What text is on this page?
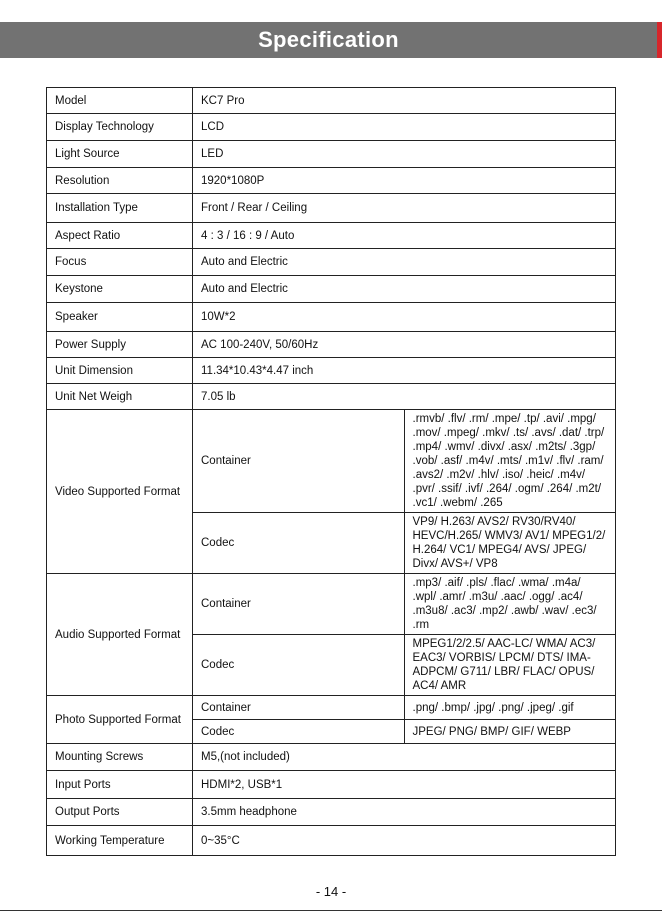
Specification
Model	KC7 Pro	
Display Technology	LCD	
Light Source	LED	
Resolution	1920*1080P	
Installation Type	Front / Rear / Ceiling	
Aspect Ratio	4 : 3 / 16 : 9 / Auto	
Focus	Auto and Electric	
Keystone	Auto and Electric	
Speaker	10W*2	
Power Supply	AC 100-240V, 50/60Hz	
Unit Dimension	11.34*10.43*4.47 inch	
Unit Net Weigh	7.05 lb	
Video Supported Format	Container	.rmvb/ .flv/ .rm/ .mpe/ .tp/ .avi/ .mpg/ .mov/ .mpeg/ .mkv/ .ts/ .avs/ .dat/ .trp/ .mp4/ .wmv/ .divx/ .asx/ .m2ts/ .3gp/ .vob/ .asf/ .m4v/ .mts/ .m1v/ .flv/ .ram/ .avs2/ .m2v/ .hlv/ .iso/ .heic/ .m4v/ .pvr/ .ssif/ .ivf/ .264/ .ogm/ .264/ .m2t/ .vc1/ .webm/ .265
	Codec	VP9/ H.263/ AVS2/ RV30/RV40/ HEVC/H.265/ WMV3/ AV1/ MPEG1/2/ H.264/ VC1/ MPEG4/ AVS/ JPEG/ Divx/ AVS+/ VP8
Audio Supported Format	Container	.mp3/ .aif/ .pls/ .flac/ .wma/ .m4a/ .wpl/ .amr/ .m3u/ .aac/ .ogg/ .ac4/ .m3u8/ .ac3/ .mp2/ .awb/ .wav/ .ec3/ .rm
	Codec	MPEG1/2/2.5/ AAC-LC/ WMA/ AC3/ EAC3/ VORBIS/ LPCM/ DTS/ IMA-ADPCM/ G711/ LBR/ FLAC/ OPUS/ AC4/ AMR
Photo Supported Format	Container	.png/ .bmp/ .jpg/ .png/ .jpeg/ .gif
	Codec	JPEG/ PNG/ BMP/ GIF/ WEBP
Mounting Screws	M5,(not included)	
Input Ports	HDMI*2, USB*1	
Output Ports	3.5mm headphone	
Working Temperature	0~35°C	
- 14 -
